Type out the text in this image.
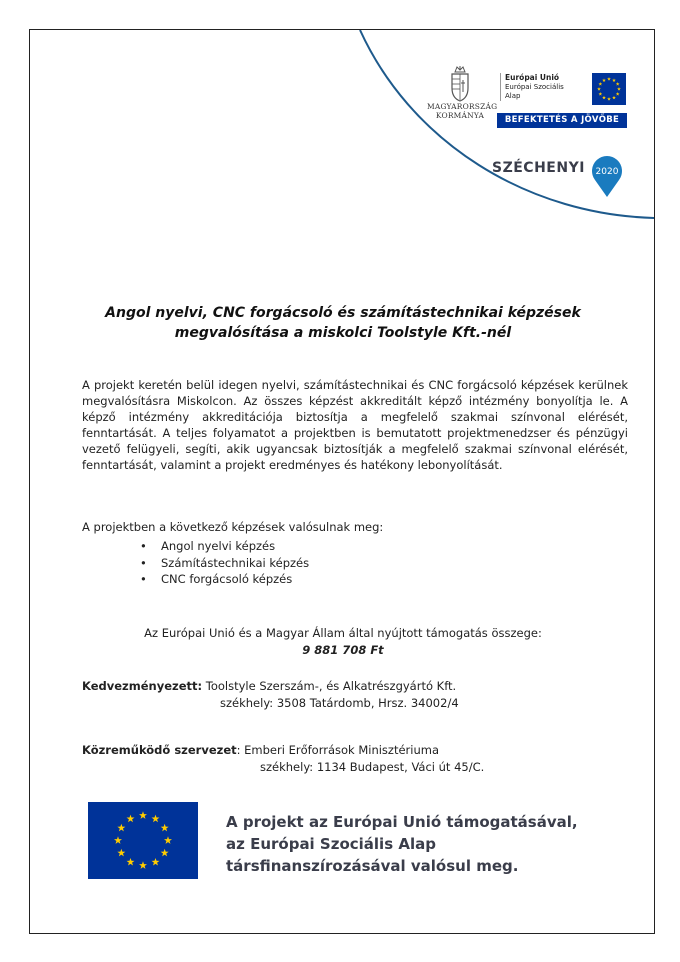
MAGYARORSZÁG
KORMÁNYA
Európai Unió
Európai Szociális
Alap
BEFEKTETÉS A JÖVŐBE
SZÉCHENYI 2020
Angol nyelvi, CNC forgácsoló és számítástechnikai képzések
megvalósítása a miskolci Toolstyle Kft.-nél
A projekt keretén belül idegen nyelvi, számítástechnikai és CNC forgácsoló képzések kerülnek megvalósításra Miskolcon. Az összes képzést akkreditált képző intézmény bonyolítja le. A képző intézmény akkreditációja biztosítja a megfelelő szakmai színvonal elérését, fenntartását. A teljes folyamatot a projektben is bemutatott projektmenedzser és pénzügyi vezető felügyeli, segíti, akik ugyancsak biztosítják a megfelelő szakmai színvonal elérését, fenntartását, valamint a projekt eredményes és hatékony lebonyolítását.
A projektben a következő képzések valósulnak meg:
• Angol nyelvi képzés
• Számítástechnikai képzés
• CNC forgácsoló képzés
Az Európai Unió és a Magyar Állam által nyújtott támogatás összege:
9 881 708 Ft
Kedvezményezett: Toolstyle Szerszám-, és Alkatrészgyártó Kft.
székhely: 3508 Tatárdomb, Hrsz. 34002/4
Közreműködő szervezet: Emberi Erőforrások Minisztériuma
székhely: 1134 Budapest, Váci út 45/C.
A projekt az Európai Unió támogatásával,
az Európai Szociális Alap
társfinanszírozásával valósul meg.
